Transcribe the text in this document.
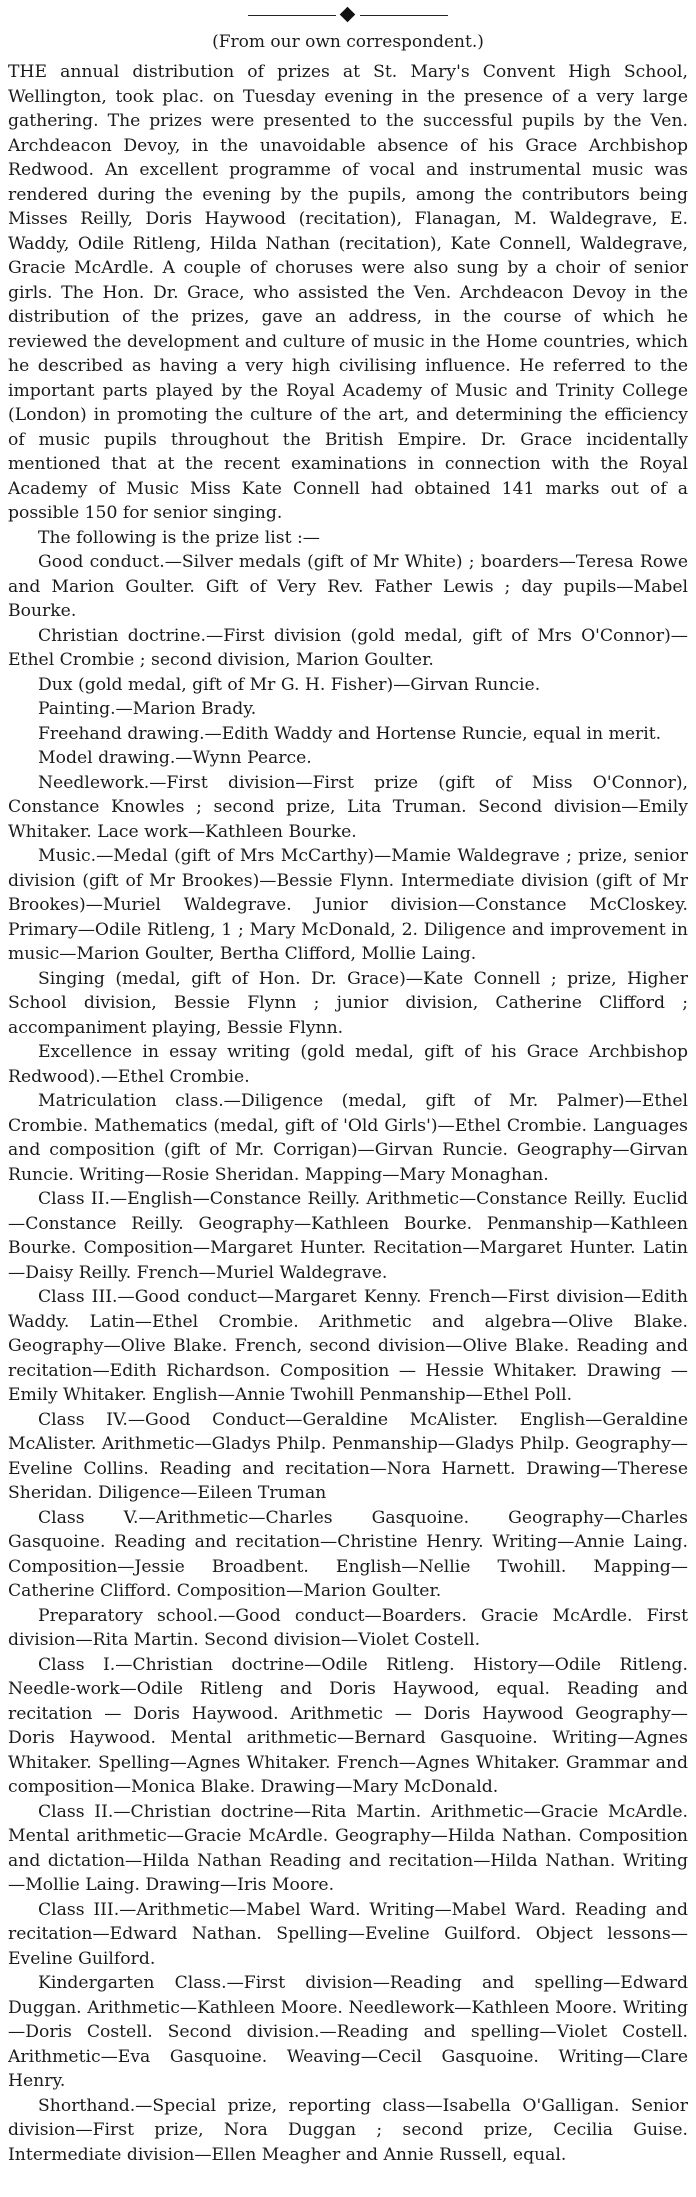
(From our own correspondent.)

THE annual distribution of prizes at St. Mary's Convent High School, Wellington, took plac. on Tuesday evening in the presence of a very large gathering. The prizes were presented to the successful pupils by the Ven. Archdeacon Devoy, in the unavoidable absence of his Grace Archbishop Redwood. An excellent programme of vocal and instrumental music was rendered during the evening by the pupils, among the contributors being Misses Reilly, Doris Haywood (recitation), Flanagan, M. Waldegrave, E. Waddy, Odile Ritleng, Hilda Nathan (recitation), Kate Connell, Waldegrave, Gracie McArdle. A couple of choruses were also sung by a choir of senior girls. The Hon. Dr. Grace, who assisted the Ven. Archdeacon Devoy in the distribution of the prizes, gave an address, in the course of which he reviewed the development and culture of music in the Home countries, which he described as having a very high civilising influence. He referred to the important parts played by the Royal Academy of Music and Trinity College (London) in promoting the culture of the art, and determining the efficiency of music pupils throughout the British Empire. Dr. Grace incidentally mentioned that at the recent examinations in connection with the Royal Academy of Music Miss Kate Connell had obtained 141 marks out of a possible 150 for senior singing.

The following is the prize list :—

Good conduct.—Silver medals (gift of Mr White) ; boarders—Teresa Rowe and Marion Goulter. Gift of Very Rev. Father Lewis ; day pupils—Mabel Bourke.

Christian doctrine.—First division (gold medal, gift of Mrs O'Connor)—Ethel Crombie ; second division, Marion Goulter.

Dux (gold medal, gift of Mr G. H. Fisher)—Girvan Runcie.

Painting.—Marion Brady.

Freehand drawing.—Edith Waddy and Hortense Runcie, equal in merit.

Model drawing.—Wynn Pearce.

Needlework.—First division—First prize (gift of Miss O'Connor), Constance Knowles ; second prize, Lita Truman. Second division—Emily Whitaker. Lace work—Kathleen Bourke.

Music.—Medal (gift of Mrs McCarthy)—Mamie Waldegrave ; prize, senior division (gift of Mr Brookes)—Bessie Flynn. Intermediate division (gift of Mr Brookes)—Muriel Waldegrave. Junior division—Constance McCloskey. Primary—Odile Ritleng, 1 ; Mary McDonald, 2. Diligence and improvement in music—Marion Goulter, Bertha Clifford, Mollie Laing.

Singing (medal, gift of Hon. Dr. Grace)—Kate Connell ; prize, Higher School division, Bessie Flynn ; junior division, Catherine Clifford ; accompaniment playing, Bessie Flynn.

Excellence in essay writing (gold medal, gift of his Grace Archbishop Redwood).—Ethel Crombie.

Matriculation class.—Diligence (medal, gift of Mr. Palmer)—Ethel Crombie. Mathematics (medal, gift of 'Old Girls')—Ethel Crombie. Languages and composition (gift of Mr. Corrigan)—Girvan Runcie. Geography—Girvan Runcie. Writing—Rosie Sheridan. Mapping—Mary Monaghan.

Class II.—English—Constance Reilly. Arithmetic—Constance Reilly. Euclid—Constance Reilly. Geography—Kathleen Bourke. Penmanship—Kathleen Bourke. Composition—Margaret Hunter. Recitation—Margaret Hunter. Latin—Daisy Reilly. French—Muriel Waldegrave.

Class III.—Good conduct—Margaret Kenny. French—First division—Edith Waddy. Latin—Ethel Crombie. Arithmetic and algebra—Olive Blake. Geography—Olive Blake. French, second division—Olive Blake. Reading and recitation—Edith Richardson. Composition — Hessie Whitaker. Drawing — Emily Whitaker. English—Annie Twohill Penmanship—Ethel Poll.

Class IV.—Good Conduct—Geraldine McAlister. English—Geraldine McAlister. Arithmetic—Gladys Philp. Penmanship—Gladys Philp. Geography—Eveline Collins. Reading and recitation—Nora Harnett. Drawing—Therese Sheridan. Diligence—Eileen Truman

Class V.—Arithmetic—Charles Gasquoine. Geography—Charles Gasquoine. Reading and recitation—Christine Henry. Writing—Annie Laing. Composition—Jessie Broadbent. English—Nellie Twohill. Mapping—Catherine Clifford. Composition—Marion Goulter.

Preparatory school.—Good conduct—Boarders. Gracie McArdle. First division—Rita Martin. Second division—Violet Costell.

Class I.—Christian doctrine—Odile Ritleng. History—Odile Ritleng. Needle-work—Odile Ritleng and Doris Haywood, equal. Reading and recitation — Doris Haywood. Arithmetic — Doris Haywood Geography— Doris Haywood. Mental arithmetic—Bernard Gasquoine. Writing—Agnes Whitaker. Spelling—Agnes Whitaker. French—Agnes Whitaker. Grammar and composition—Monica Blake. Drawing—Mary McDonald.

Class II.—Christian doctrine—Rita Martin. Arithmetic—Gracie McArdle. Mental arithmetic—Gracie McArdle. Geography—Hilda Nathan. Composition and dictation—Hilda Nathan Reading and recitation—Hilda Nathan. Writing—Mollie Laing. Drawing—Iris Moore.

Class III.—Arithmetic—Mabel Ward. Writing—Mabel Ward. Reading and recitation—Edward Nathan. Spelling—Eveline Guilford. Object lessons—Eveline Guilford.

Kindergarten Class.—First division—Reading and spelling—Edward Duggan. Arithmetic—Kathleen Moore. Needlework—Kathleen Moore. Writing—Doris Costell. Second division.—Reading and spelling—Violet Costell. Arithmetic—Eva Gasquoine. Weaving—Cecil Gasquoine. Writing—Clare Henry.

Shorthand.—Special prize, reporting class—Isabella O'Galligan. Senior division—First prize, Nora Duggan ; second prize, Cecilia Guise. Intermediate division—Ellen Meagher and Annie Russell, equal.
